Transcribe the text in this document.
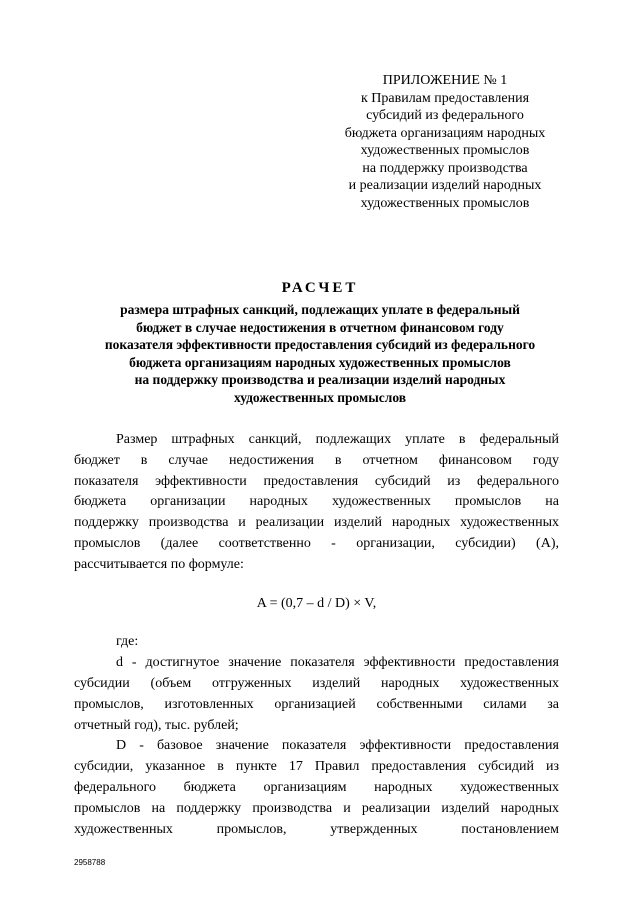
ПРИЛОЖЕНИЕ № 1
к Правилам предоставления
субсидий из федерального
бюджета организациям народных
художественных промыслов
на поддержку производства
и реализации изделий народных
художественных промыслов
РАСЧЕТ
размера штрафных санкций, подлежащих уплате в федеральный
бюджет в случае недостижения в отчетном финансовом году
показателя эффективности предоставления субсидий из федерального
бюджета организациям народных художественных промыслов
на поддержку производства и реализации изделий народных
художественных промыслов
Размер штрафных санкций, подлежащих уплате в федеральный
бюджет в случае недостижения в отчетном финансовом году
показателя эффективности предоставления субсидий из федерального
бюджета организации народных художественных промыслов на
поддержку производства и реализации изделий народных художественных
промыслов (далее соответственно - организации, субсидии) (A),
рассчитывается по формуле:
A = (0,7 – d / D) × V,
где:
d - достигнутое значение показателя эффективности предоставления
субсидии (объем отгруженных изделий народных художественных
промыслов, изготовленных организацией собственными силами за
отчетный год), тыс. рублей;
D - базовое значение показателя эффективности предоставления
субсидии, указанное в пункте 17 Правил предоставления субсидий из
федерального бюджета организациям народных художественных
промыслов на поддержку производства и реализации изделий народных
художественных промыслов, утвержденных постановлением
2958788
